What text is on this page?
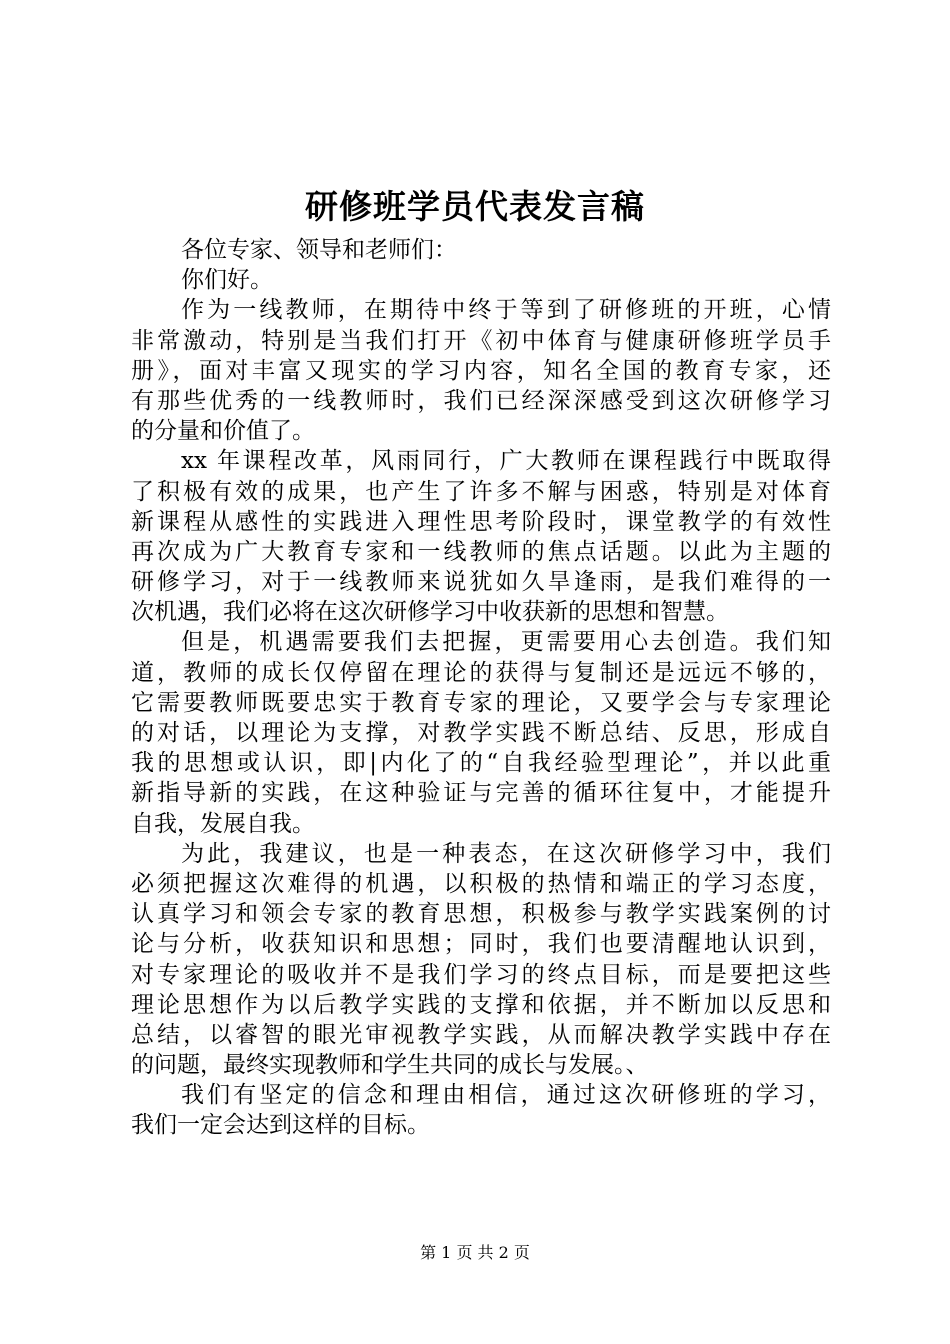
研修班学员代表发言稿
各位专家、领导和老师们：
你们好。
作为一线教师，在期待中终于等到了研修班的开班，心情
非常激动，特别是当我们打开《初中体育与健康研修班学员手
册》，面对丰富又现实的学习内容，知名全国的教育专家，还
有那些优秀的一线教师时，我们已经深深感受到这次研修学习
的分量和价值了。
xx 年课程改革，风雨同行，广大教师在课程践行中既取得
了积极有效的成果，也产生了许多不解与困惑，特别是对体育
新课程从感性的实践进入理性思考阶段时，课堂教学的有效性
再次成为广大教育专家和一线教师的焦点话题。以此为主题的
研修学习，对于一线教师来说犹如久旱逢雨，是我们难得的一
次机遇，我们必将在这次研修学习中收获新的思想和智慧。
但是，机遇需要我们去把握，更需要用心去创造。我们知
道，教师的成长仅停留在理论的获得与复制还是远远不够的，
它需要教师既要忠实于教育专家的理论，又要学会与专家理论
的对话，以理论为支撑，对教学实践不断总结、反思，形成自
我的思想或认识，即|内化了的“自我经验型理论”，并以此重
新指导新的实践，在这种验证与完善的循环往复中，才能提升
自我，发展自我。
为此，我建议，也是一种表态，在这次研修学习中，我们
必须把握这次难得的机遇，以积极的热情和端正的学习态度，
认真学习和领会专家的教育思想，积极参与教学实践案例的讨
论与分析，收获知识和思想；同时，我们也要清醒地认识到，
对专家理论的吸收并不是我们学习的终点目标，而是要把这些
理论思想作为以后教学实践的支撑和依据，并不断加以反思和
总结，以睿智的眼光审视教学实践，从而解决教学实践中存在
的问题，最终实现教师和学生共同的成长与发展。、
我们有坚定的信念和理由相信，通过这次研修班的学习，
我们一定会达到这样的目标。
第 1 页 共 2 页
